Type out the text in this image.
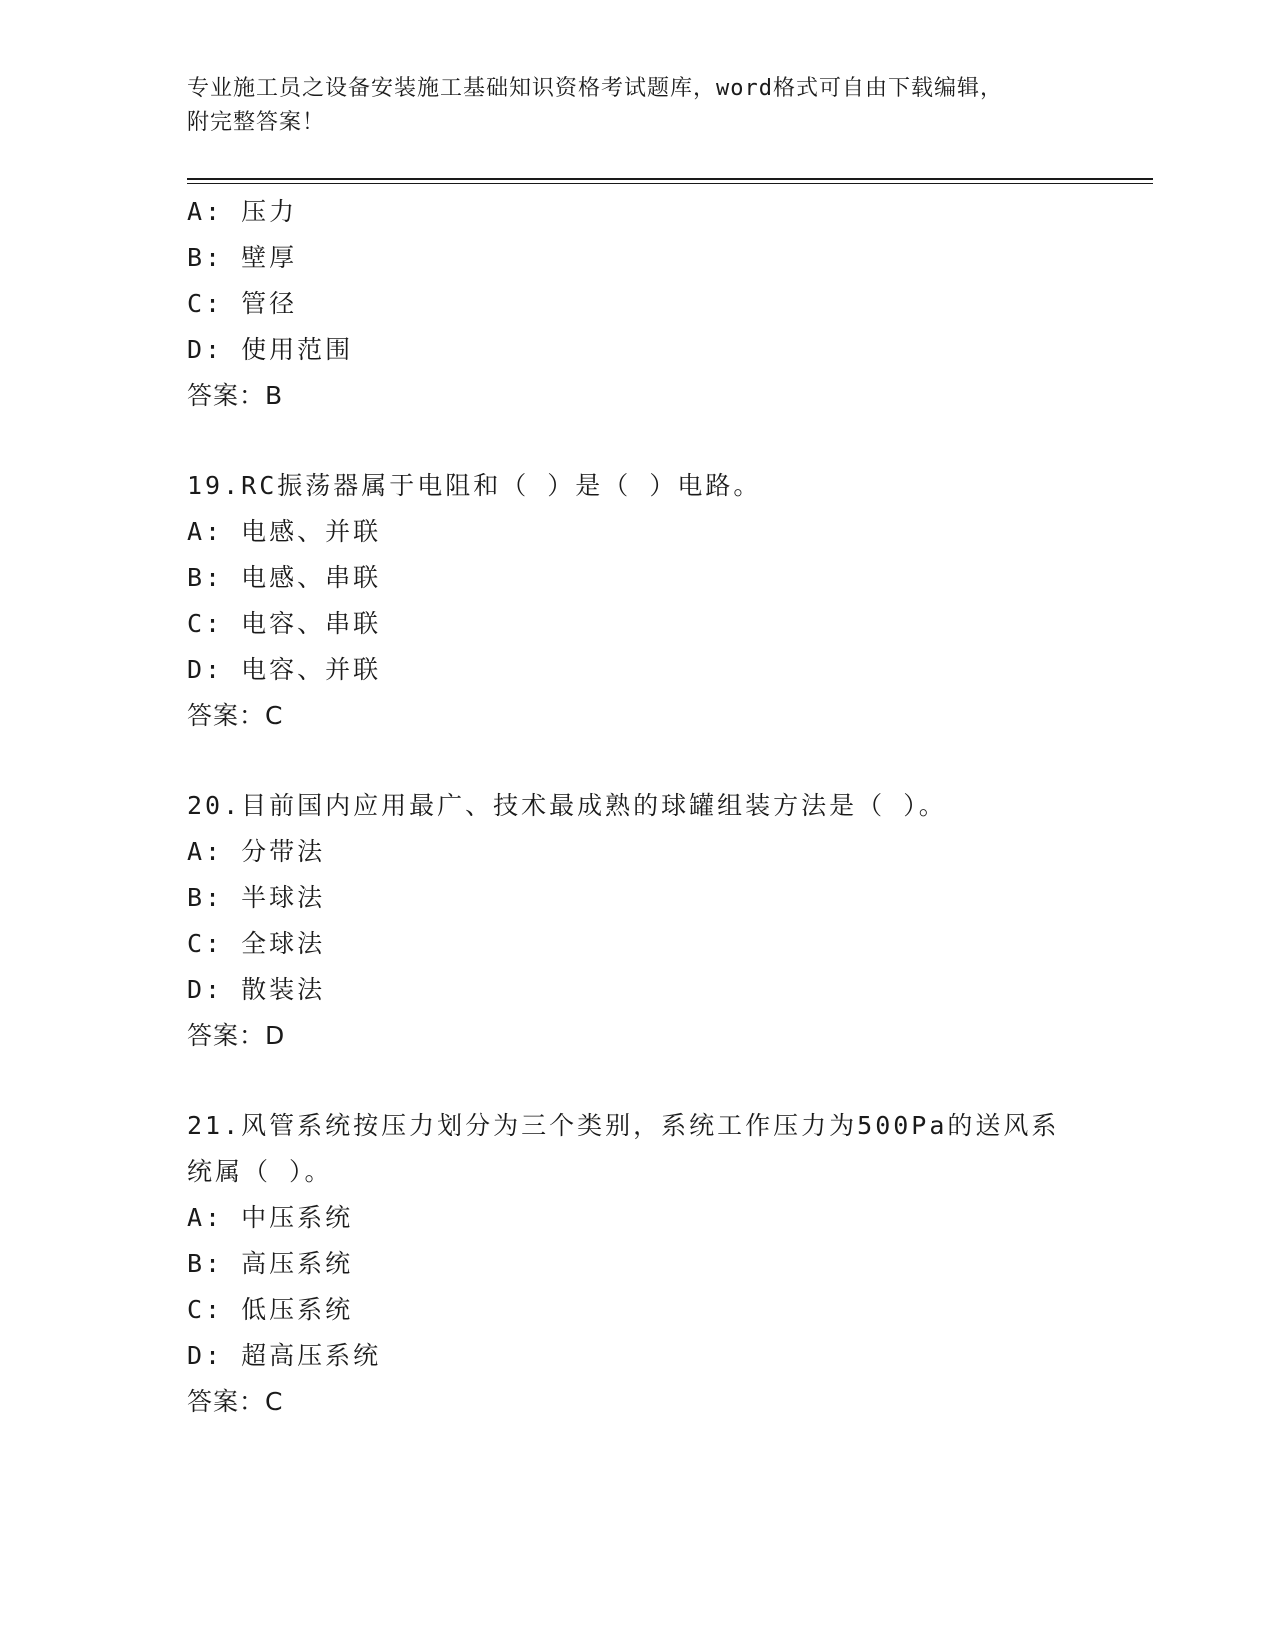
专业施工员之设备安装施工基础知识资格考试题库，word格式可自由下载编辑，
附完整答案！
A: 压力
B: 壁厚
C: 管径
D: 使用范围
答案：B
19.RC振荡器属于电阻和（ ）是（ ）电路。
A: 电感、并联
B: 电感、串联
C: 电容、串联
D: 电容、并联
答案：C
20.目前国内应用最广、技术最成熟的球罐组装方法是（ ）。
A: 分带法
B: 半球法
C: 全球法
D: 散装法
答案：D
21.风管系统按压力划分为三个类别，系统工作压力为500Pa的送风系
统属（ ）。
A: 中压系统
B: 高压系统
C: 低压系统
D: 超高压系统
答案：C
